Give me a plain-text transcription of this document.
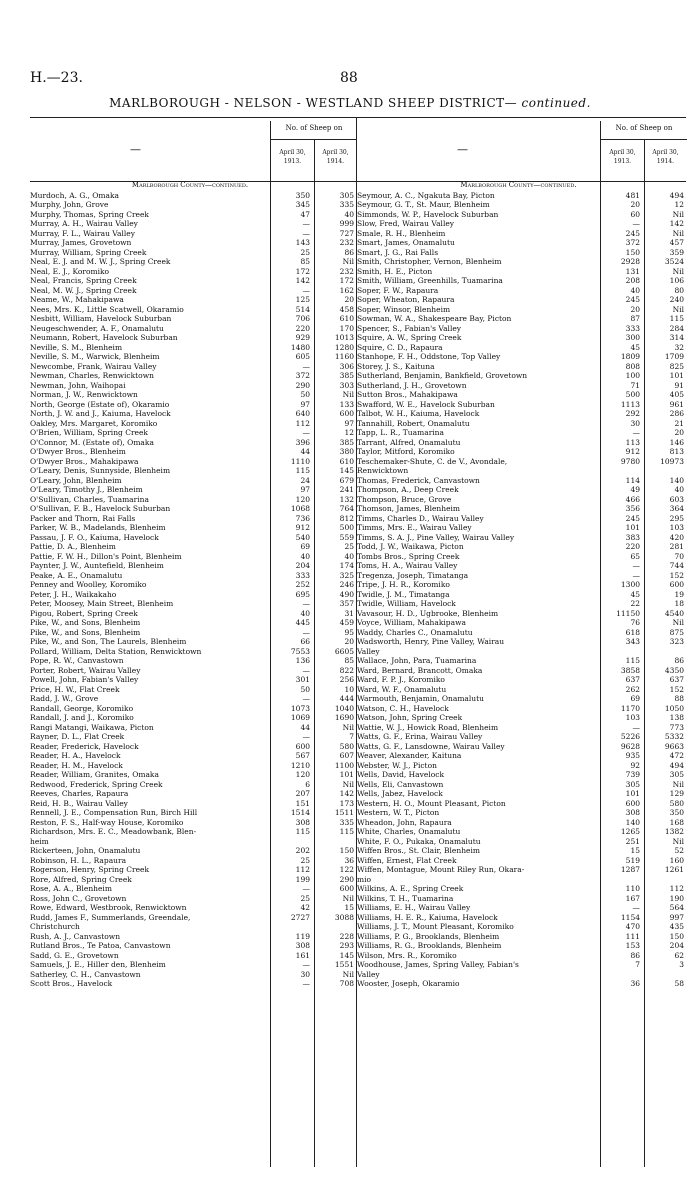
H.—23.	88
MARLBOROUGH - NELSON - WESTLAND SHEEP DISTRICT— continued.
—
No. of Sheep on
April 30, 1913.
April 30, 1914.
Marlborough County—continued.
Murdoch, A. G., Omaka	350	305
Murphy, John, Grove	345	335
Murphy, Thomas, Spring Creek	47	40
Murray, A. H., Wairau Valley	—	999
Murray, F. L., Wairau Valley	—	727
Murray, James, Grovetown	143	232
Murray, William, Spring Creek	25	86
Neal, E. J. and M. W. J., Spring Creek	85	Nil
Neal, E. J., Koromiko	172	232
Neal, Francis, Spring Creek	142	172
Neal, M. W. J., Spring Creek	—	162
Neame, W., Mahakipawa	125	20
Nees, Mrs. K., Little Scatwell, Okaramio	514	458
Nesbitt, William, Havelock Suburban	706	610
Neugeschwender, A. F., Onamalutu	220	170
Neumann, Robert, Havelock Suburban	929	1013
Neville, S. M., Blenheim	1480	1280
Neville, S. M., Warwick, Blenheim	605	1160
Newcombe, Frank, Wairau Valley	—	306
Newman, Charles, Renwicktown	372	385
Newman, John, Waihopai	290	303
Norman, J. W., Renwicktown	50	Nil
North, George (Estate of), Okaramio	97	133
North, J. W. and J., Kaiuma, Havelock	640	600
Oakley, Mrs. Margaret, Koromiko	112	97
O'Brien, William, Spring Creek	—	12
O'Connor, M. (Estate of), Omaka	396	385
O'Dwyer Bros., Blenheim	44	380
O'Dwyer Bros., Mahakipawa	1110	610
O'Leary, Denis, Sunnyside, Blenheim	115	145
O'Leary, John, Blenheim	24	679
O'Leary, Timothy J., Blenheim	97	241
O'Sullivan, Charles, Tuamarina	120	132
O'Sullivan, F. B., Havelock Suburban	1068	764
Packer and Thorn, Rai Falls	736	812
Parker, W. B., Madelands, Blenheim	912	500
Passau, J. F. O., Kaiuma, Havelock	540	559
Pattie, D. A., Blenheim	69	25
Pattie, F. W. H., Dillon's Point, Blenheim	40	40
Paynter, J. W., Auntefield, Blenheim	204	174
Peake, A. E., Onamalutu	333	325
Penney and Woolley, Koromiko	252	246
Peter, J. H., Waikakaho	695	490
Peter, Moosey, Main Street, Blenheim	—	357
Pigou, Robert, Spring Creek	40	31
Pike, W., and Sons, Blenheim	445	459
Pike, W., and Sons, Blenheim	—	95
Pike, W., and Son, The Laurels, Blenheim	66	20
Pollard, William, Delta Station, Renwicktown	7553	6605
Pope, R. W., Canvastown	136	85
Porter, Robert, Wairau Valley	—	822
Powell, John, Fabian's Valley	301	256
Price, H. W., Flat Creek	50	10
Radd, J. W., Grove	—	444
Randall, George, Koromiko	1073	1040
Randall, J. and J., Koromiko	1069	1690
Rangi Matangi, Waikawa, Picton	44	Nil
Rayner, D. L., Flat Creek	—	7
Reader, Frederick, Havelock	600	580
Reader, H. A., Havelock	567	607
Reader, H. M., Havelock	1210	1100
Reader, William, Granites, Omaka	120	101
Redwood, Frederick, Spring Creek	6	Nil
Reeves, Charles, Rapaura	207	142
Reid, H. B., Wairau Valley	151	173
Rennell, J. E., Compensation Run, Birch Hill	1514	1511
Reston, F. S., Half-way House, Koromiko	308	335
Richardson, Mrs. E. C., Meadowbank, Blen-	115	115
heim
Rickerteen, John, Onamalutu	202	150
Robinson, H. L., Rapaura	25	36
Rogerson, Henry, Spring Creek	112	122
Rore, Alfred, Spring Creek	199	290
Rose, A. A., Blenheim	—	600
Ross, John C., Grovetown	25	Nil
Rowe, Edward, Westbrook, Renwicktown	42	15
Rudd, James F., Summerlands, Greendale,	2727	3088
Christchurch
Rush, A. J., Canvastown	119	228
Rutland Bros., Te Patoa, Canvastown	308	293
Sadd, G. E., Grovetown	161	145
Samuels, J. E., Hiller den, Blenheim	—	1551
Satherley, C. H., Canvastown	30	Nil
Scott Bros., Havelock	—	708
—
No. of Sheep on
April 30, 1913.
April 30, 1914.
Marlborough County—continued.
Seymour, A. C., Ngakuta Bay, Picton	481	494
Seymour, G. T., St. Maur, Blenheim	20	12
Simmonds, W. P., Havelock Suburban	60	Nil
Slow, Fred, Wairau Valley	—	142
Smale, R. H., Blenheim	245	Nil
Smart, James, Onamalutu	372	457
Smart, J. G., Rai Falls	150	359
Smith, Christopher, Vernon, Blenheim	2928	3524
Smith, H. E., Picton	131	Nil
Smith, William, Greenhills, Tuamarina	208	106
Soper, F. W., Rapaura	40	80
Soper, Wheaton, Rapaura	245	240
Soper, Winsor, Blenheim	20	Nil
Sowman, W. A., Shakespeare Bay, Picton	87	115
Spencer, S., Fabian's Valley	333	284
Squire, A. W., Spring Creek	300	314
Squire, C. D., Rapaura	45	32
Stanhope, F. H., Oddstone, Top Valley	1809	1709
Storey, J. S., Kaituna	808	825
Sutherland, Benjamin, Bankfield, Grovetown	100	101
Sutherland, J. H., Grovetown	71	91
Sutton Bros., Mahakipawa	500	405
Swafford, W. E., Havelock Suburban	1113	961
Talbot, W. H., Kaiuma, Havelock	292	286
Tannahill, Robert, Onamalutu	30	21
Tapp, L. R., Tuamarina	—	20
Tarrant, Alfred, Onamalutu	113	146
Taylor, Mitford, Koromiko	912	813
Teschemaker-Shute, C. de V., Avondale,	9780	10973
Renwicktown
Thomas, Frederick, Canvastown	114	140
Thompson, A., Deep Creek	49	40
Thompson, Bruce, Grove	466	603
Thomson, James, Blenheim	356	364
Timms, Charles D., Wairau Valley	245	295
Timms, Mrs. E., Wairau Valley	101	103
Timms, S. A. J., Pine Valley, Wairau Valley	383	420
Todd, J. W., Waikawa, Picton	220	281
Tombs Bros., Spring Creek	65	70
Toms, H. A., Wairau Valley	—	744
Tregenza, Joseph, Timatanga	—	152
Tripe, J. H. R., Koromiko	1300	600
Twidle, J. M., Timatanga	45	19
Twidle, William, Havelock	22	18
Vavasour, H. D., Ugbrooke, Blenheim	11150	4540
Voyce, William, Mahakipawa	76	Nil
Waddy, Charles C., Onamalutu	618	875
Wadsworth, Henry, Pine Valley, Wairau	343	323
Valley
Wallace, John, Para, Tuamarina	115	86
Ward, Bernard, Brancott, Omaka	3858	4350
Ward, F. P. J., Koromiko	637	637
Ward, W. F., Onamalutu	262	152
Warmouth, Benjamin, Onamalutu	69	88
Watson, C. H., Havelock	1170	1050
Watson, John, Spring Creek	103	138
Wattie, W. J., Howick Road, Blenheim	—	773
Watts, G. F., Erina, Wairau Valley	5226	5332
Watts, G. F., Lansdowne, Wairau Valley	9628	9663
Weaver, Alexander, Kaituna	935	472
Webster, W. J., Picton	92	494
Wells, David, Havelock	739	305
Wells, Eli, Canvastown	305	Nil
Wells, Jabez, Havelock	101	129
Western, H. O., Mount Pleasant, Picton	600	580
Western, W. T., Picton	308	350
Wheadon, John, Rapaura	140	168
White, Charles, Onamalutu	1265	1382
White, F. O., Pukaka, Onamalutu	251	Nil
Wiffen Bros., St. Clair, Blenheim	15	52
Wiffen, Ernest, Flat Creek	519	160
Wiffen, Montague, Mount Riley Run, Okara-	1287	1261
mio
Wilkins, A. E., Spring Creek	110	112
Wilkins, T. H., Tuamarina	167	190
Williams, E. H., Wairau Valley	—	564
Williams, H. E. R., Kaiuma, Havelock	1154	997
Williams, J. T., Mount Pleasant, Koromiko	470	435
Williams, P. G., Brooklands, Blenheim	111	150
Williams, R. G., Brooklands, Blenheim	153	204
Wilson, Mrs. R., Koromiko	86	62
Woodhouse, James, Spring Valley, Fabian's	7	3
Valley
Wooster, Joseph, Okaramio	36	58
